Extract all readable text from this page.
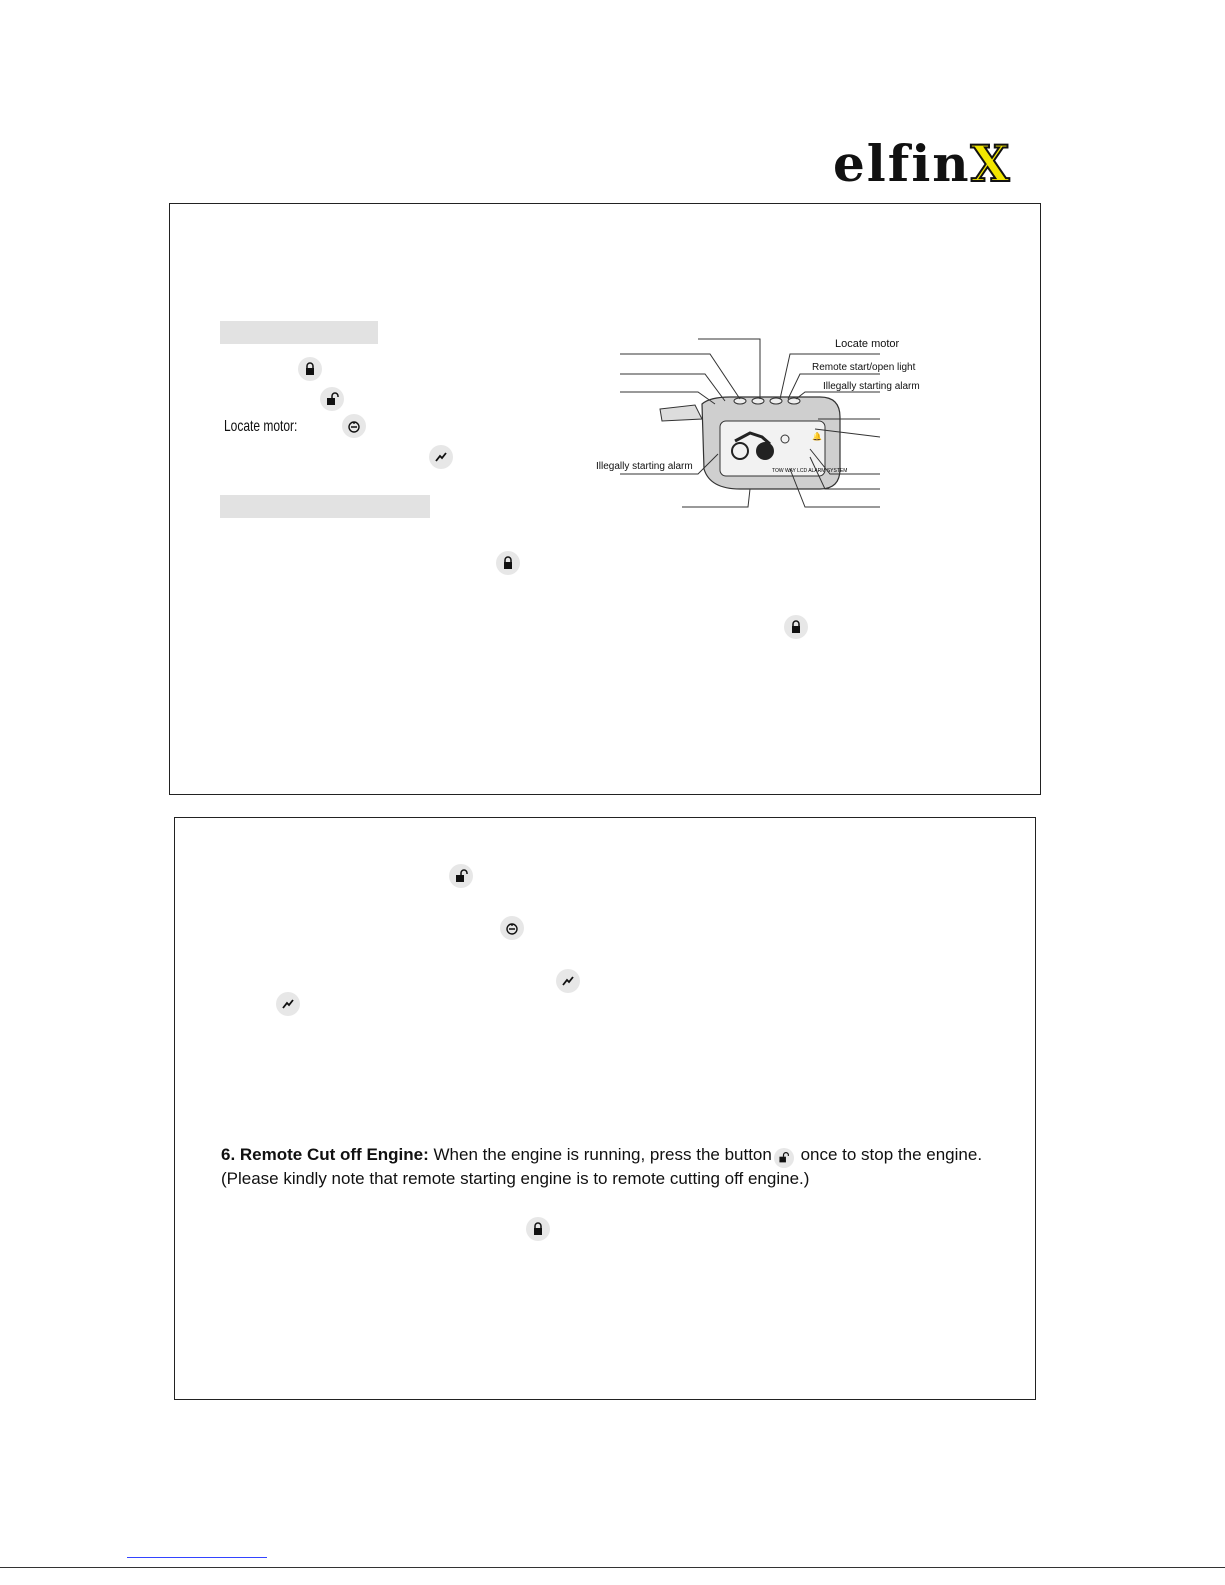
elfinX
Locate motor:
🔔
TOW WAY LCD ALARM SYSTEM
Locate motor
Remote start/open light
Illegally starting alarm
Illegally starting alarm
6. Remote Cut off Engine: When the engine is running, press the button
once to stop the engine.
(Please kindly note that remote starting engine is to remote cutting off engine.)
